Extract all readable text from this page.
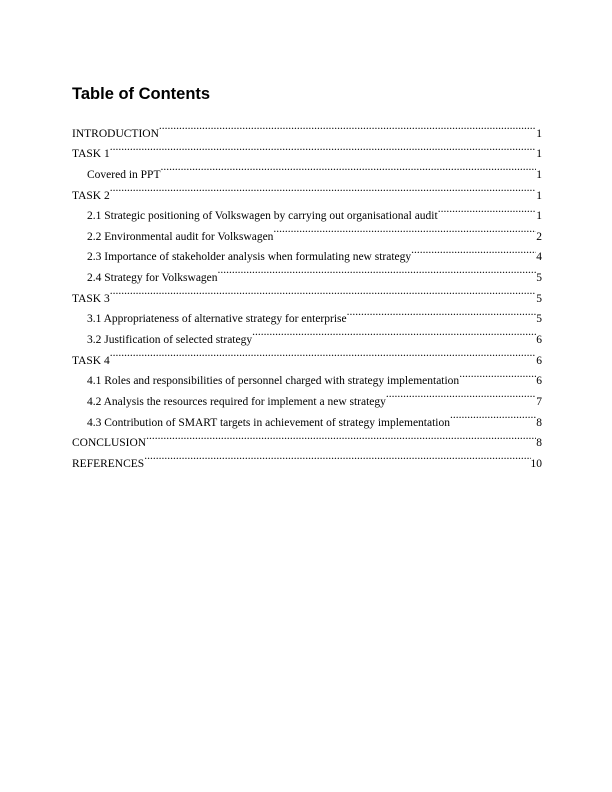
Table of Contents
INTRODUCTION .....	1
TASK 1 .....	1
Covered in PPT .....	1
TASK 2 .....	1
2.1 Strategic positioning of Volkswagen by carrying out organisational audit .....	1
2.2 Environmental audit for Volkswagen .....	2
2.3 Importance of stakeholder analysis when formulating new strategy .....	4
2.4 Strategy for Volkswagen .....	5
TASK 3 .....	5
3.1 Appropriateness of alternative strategy for enterprise .....	5
3.2 Justification of selected strategy .....	6
TASK 4 .....	6
4.1 Roles and responsibilities of personnel charged with strategy implementation .....	6
4.2 Analysis the resources required for implement a new strategy .....	7
4.3 Contribution of SMART targets in achievement of strategy implementation .....	8
CONCLUSION .....	8
REFERENCES .....	10
